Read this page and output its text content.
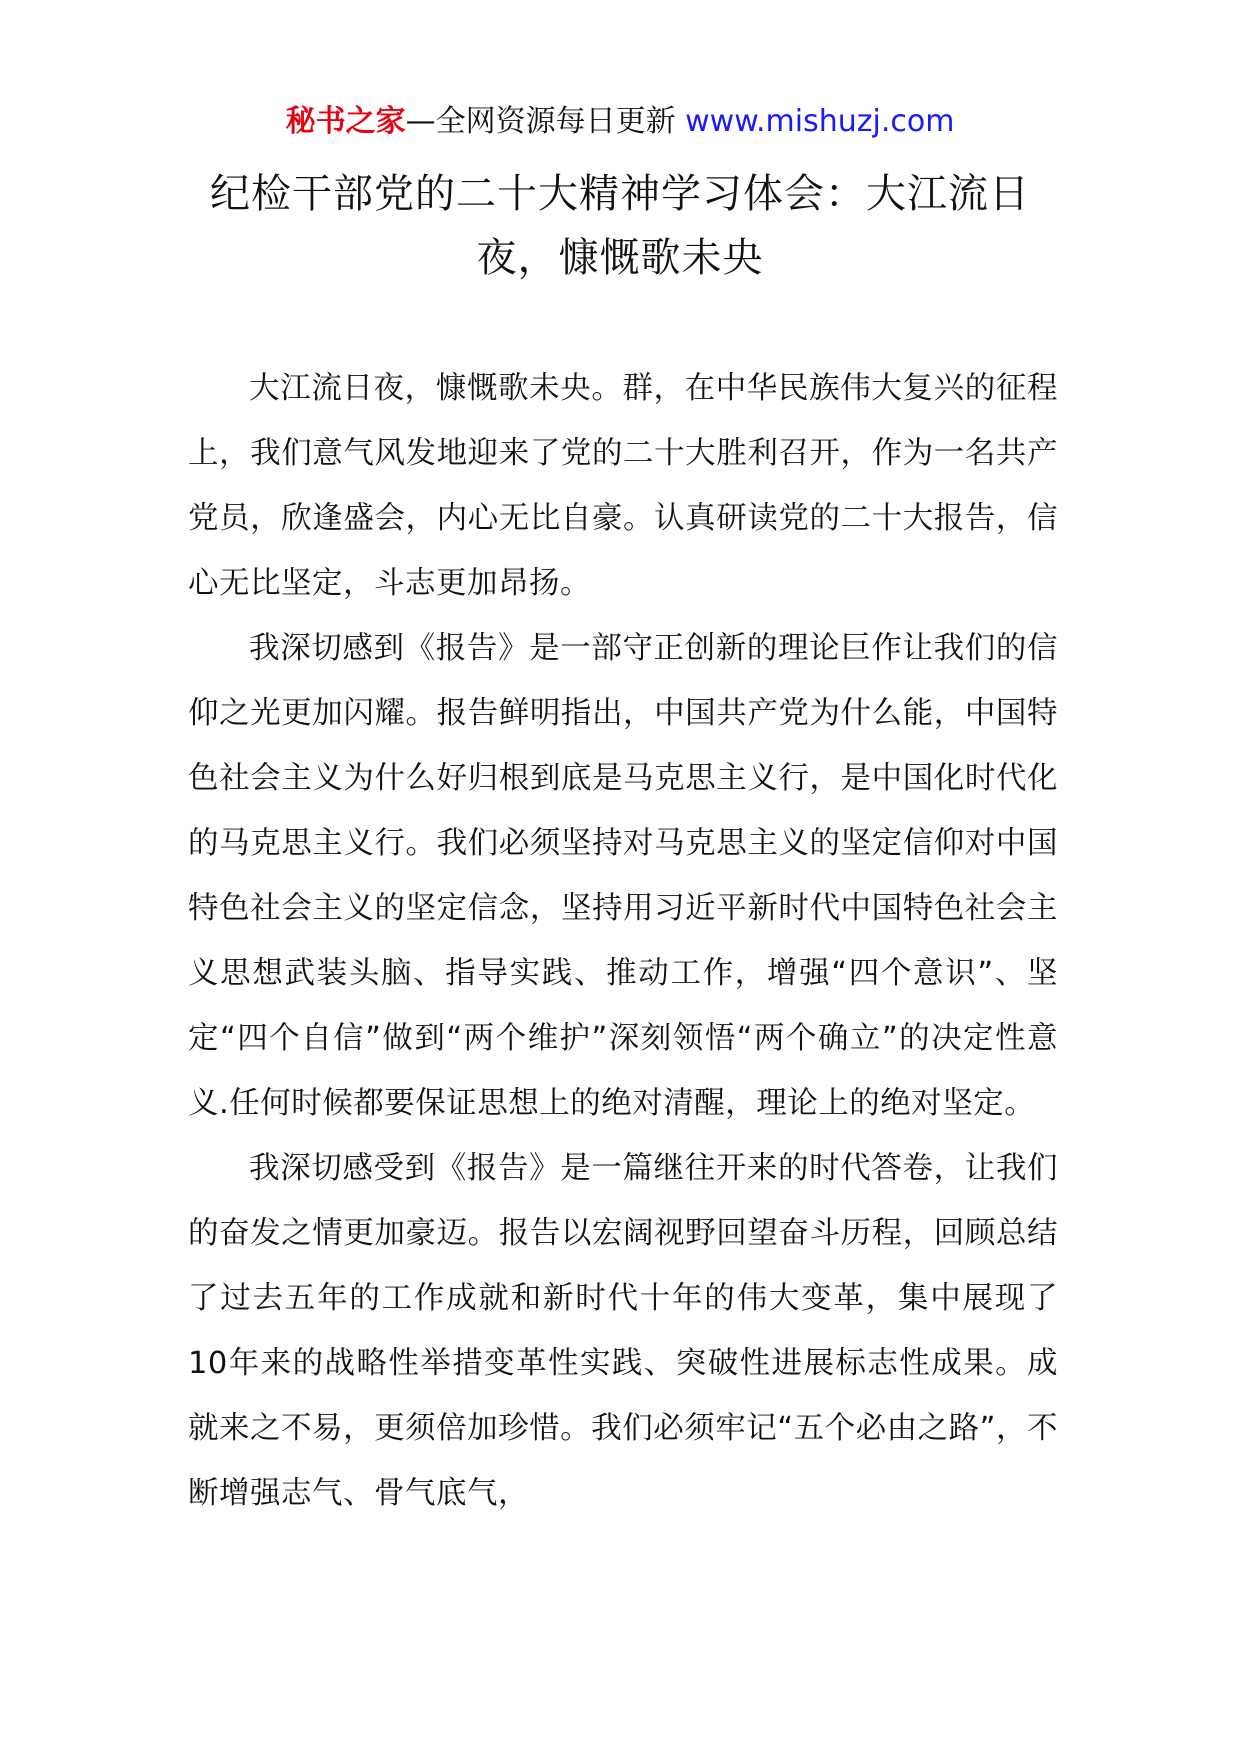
秘书之家—全网资源每日更新 www.mishuzj.com
纪检干部党的二十大精神学习体会：大江流日夜，慷慨歌未央

大江流日夜，慷慨歌未央。群，在中华民族伟大复兴的征程上，我们意气风发地迎来了党的二十大胜利召开，作为一名共产党员，欣逢盛会，内心无比自豪。认真研读党的二十大报告，信心无比坚定，斗志更加昂扬。

我深切感到《报告》是一部守正创新的理论巨作让我们的信仰之光更加闪耀。报告鲜明指出，中国共产党为什么能，中国特色社会主义为什么好归根到底是马克思主义行，是中国化时代化的马克思主义行。我们必须坚持对马克思主义的坚定信仰对中国特色社会主义的坚定信念，坚持用习近平新时代中国特色社会主义思想武装头脑、指导实践、推动工作，增强“四个意识”、坚定“四个自信”做到“两个维护”深刻领悟“两个确立”的决定性意义.任何时候都要保证思想上的绝对清醒，理论上的绝对坚定。

我深切感受到《报告》是一篇继往开来的时代答卷，让我们的奋发之情更加豪迈。报告以宏阔视野回望奋斗历程，回顾总结了过去五年的工作成就和新时代十年的伟大变革，集中展现了10年来的战略性举措变革性实践、突破性进展标志性成果。成就来之不易，更须倍加珍惜。我们必须牢记“五个必由之路”，不断增强志气、骨气底气，
